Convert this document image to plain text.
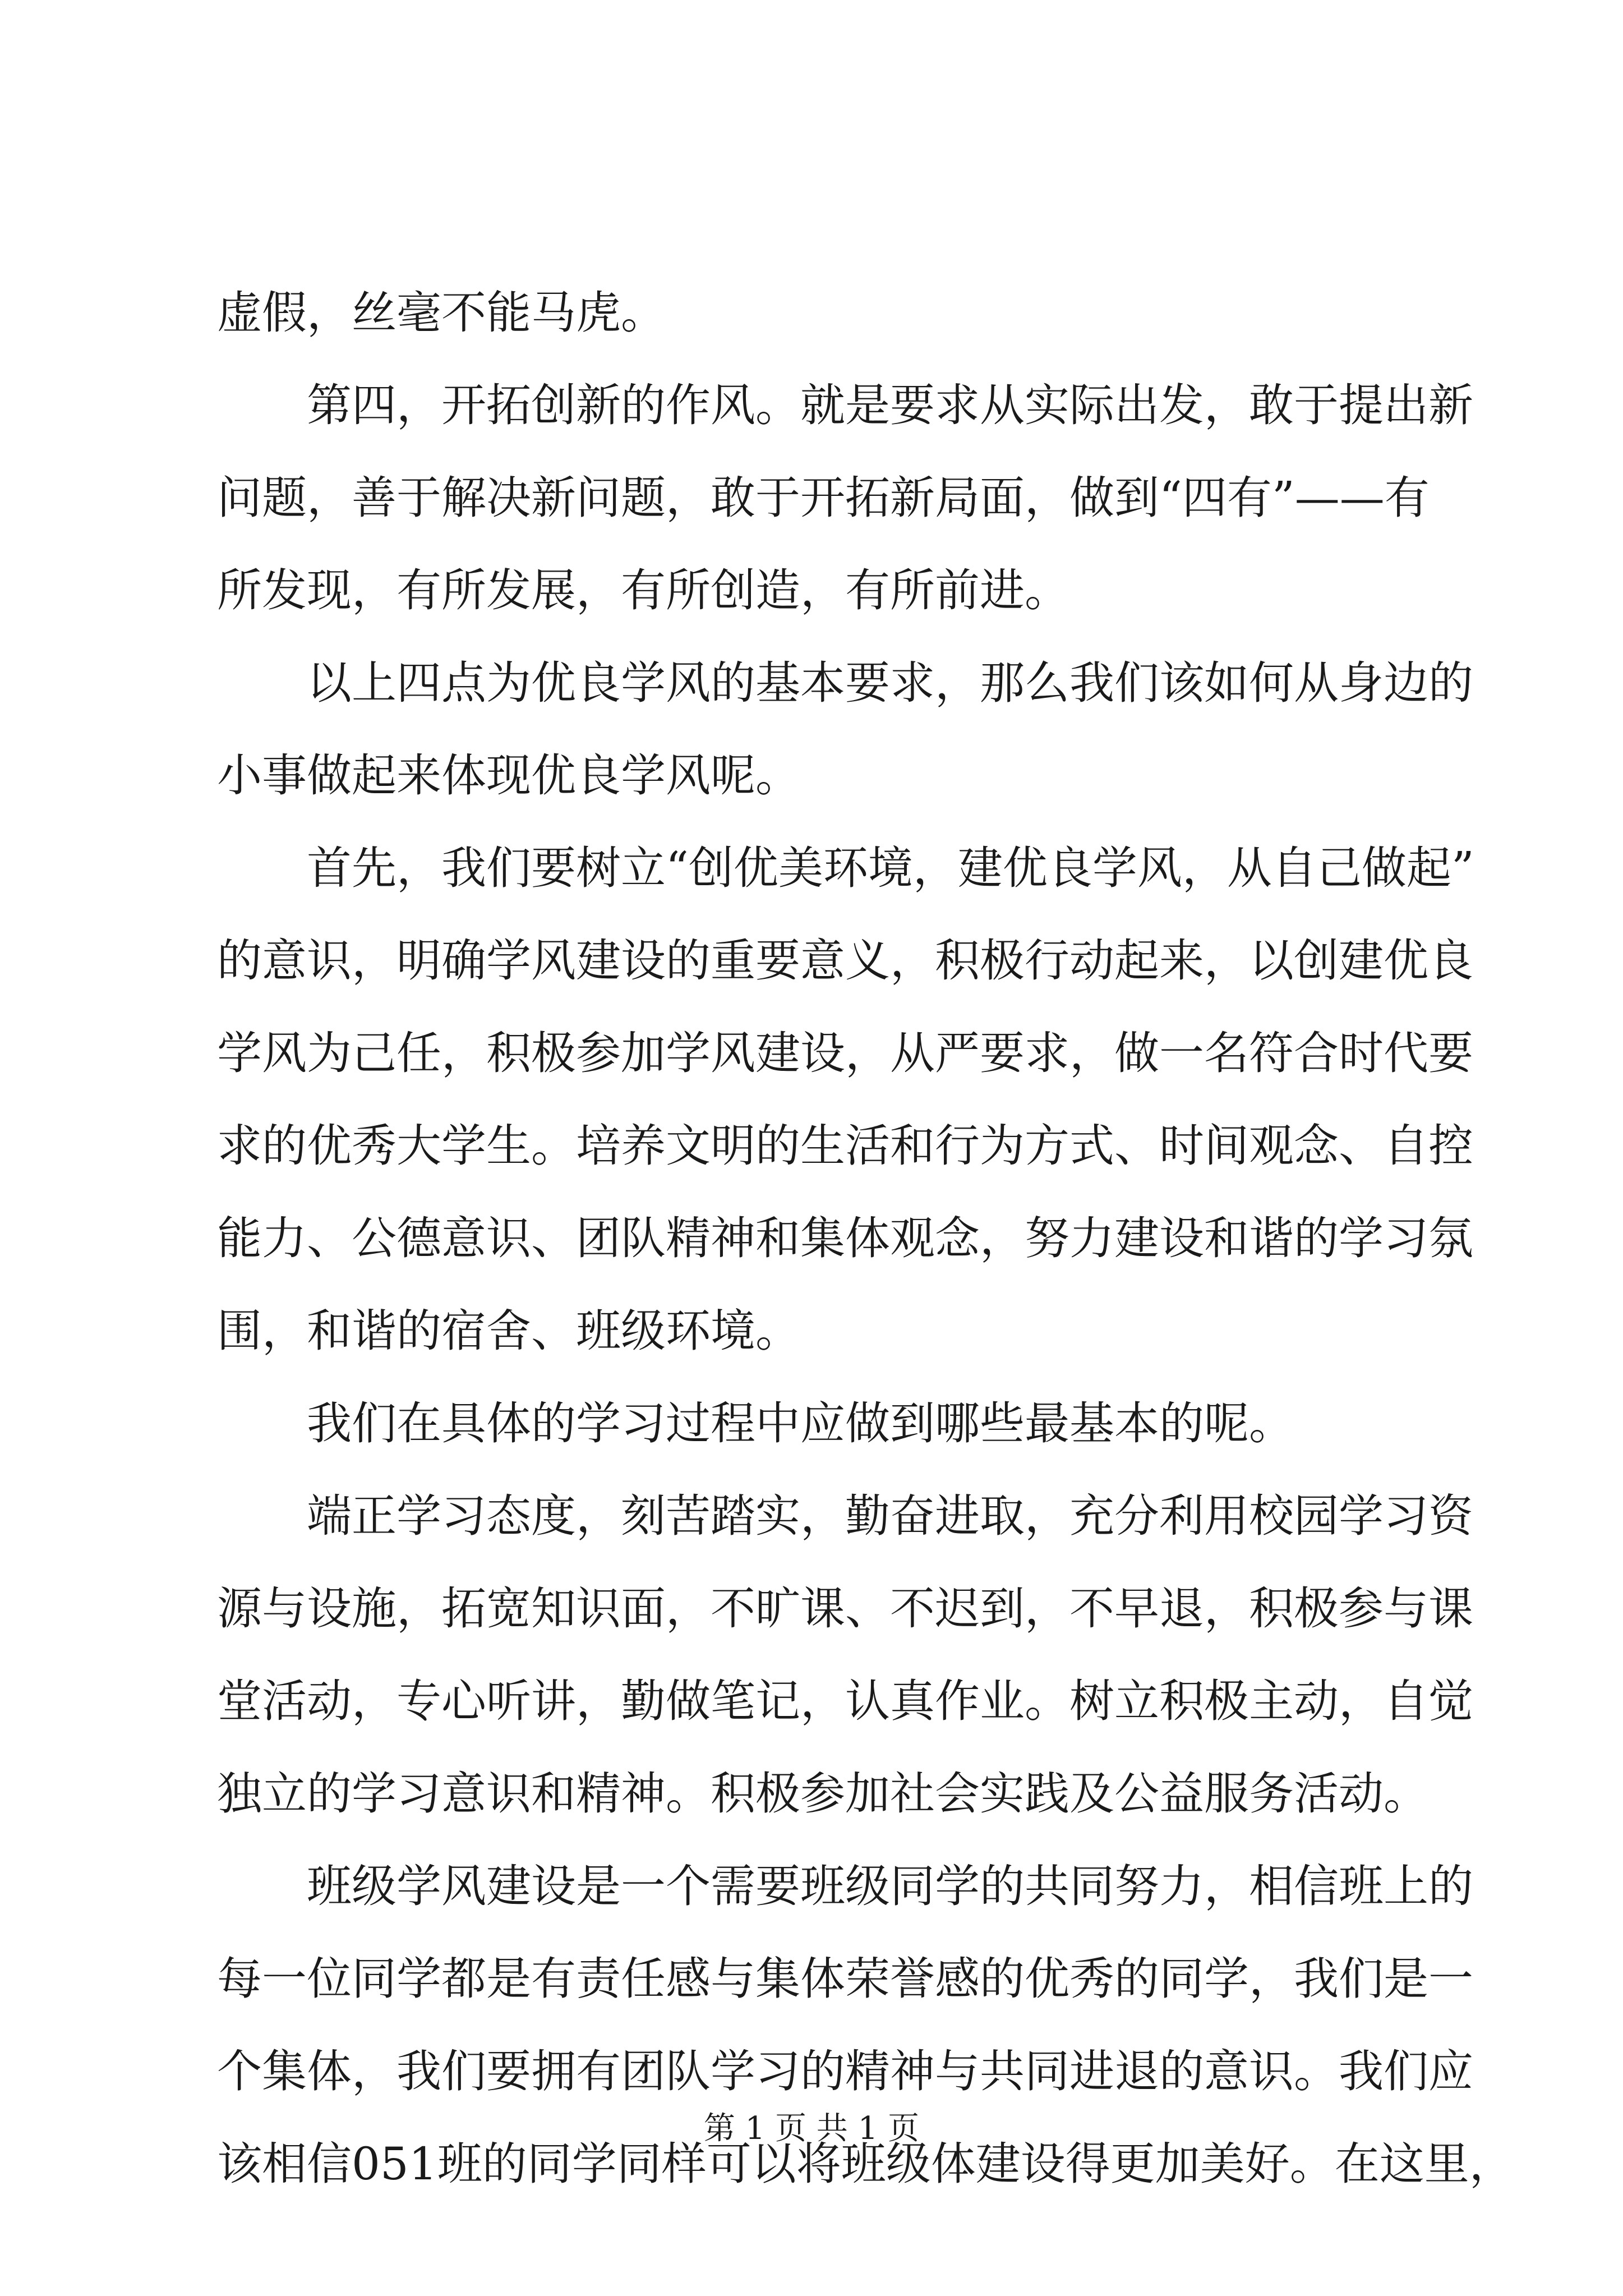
虚假，丝毫不能马虎。
第四，开拓创新的作风。就是要求从实际出发，敢于提出新
问题，善于解决新问题，敢于开拓新局面，做到“四有”——有
所发现，有所发展，有所创造，有所前进。
以上四点为优良学风的基本要求，那么我们该如何从身边的
小事做起来体现优良学风呢。
首先，我们要树立“创优美环境，建优良学风，从自己做起”
的意识，明确学风建设的重要意义，积极行动起来，以创建优良
学风为己任，积极参加学风建设，从严要求，做一名符合时代要
求的优秀大学生。培养文明的生活和行为方式、时间观念、自控
能力、公德意识、团队精神和集体观念，努力建设和谐的学习氛
围，和谐的宿舍、班级环境。
我们在具体的学习过程中应做到哪些最基本的呢。
端正学习态度，刻苦踏实，勤奋进取，充分利用校园学习资
源与设施，拓宽知识面，不旷课、不迟到，不早退，积极参与课
堂活动，专心听讲，勤做笔记，认真作业。树立积极主动，自觉
独立的学习意识和精神。积极参加社会实践及公益服务活动。
班级学风建设是一个需要班级同学的共同努力，相信班上的
每一位同学都是有责任感与集体荣誉感的优秀的同学，我们是一
个集体，我们要拥有团队学习的精神与共同进退的意识。我们应
该相信051班的同学同样可以将班级体建设得更加美好。在这里，
第 1 页 共 1 页
